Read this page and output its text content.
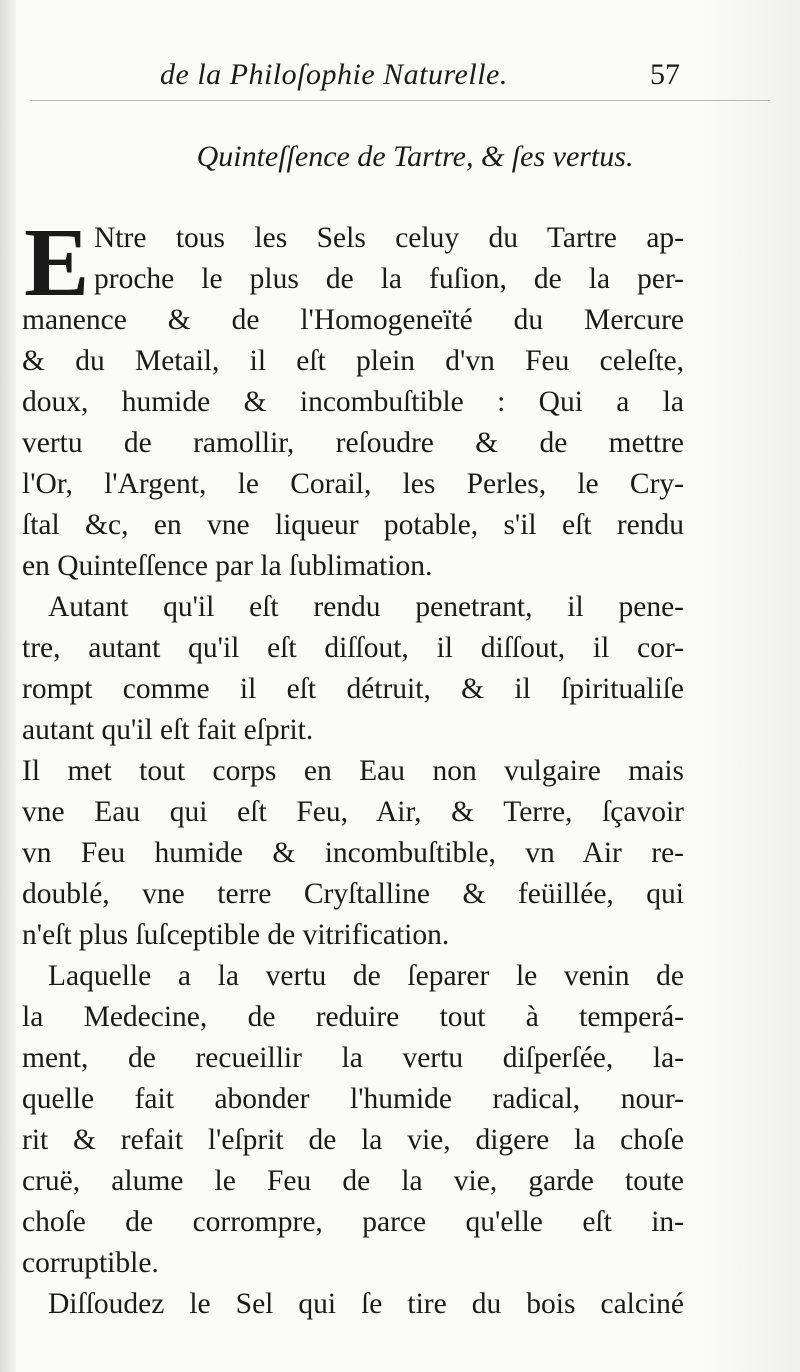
de la Philoſophie Naturelle.	57
Quinteſſence de Tartre, & ſes vertus.
E Ntre tous les Sels celuy du Tartre ap-
proche le plus de la fuſion, de la per-
manence & de l'Homogeneïté du Mercure
& du Metail, il eſt plein d'vn Feu celeſte,
doux, humide & incombuſtible : Qui a la
vertu de ramollir, reſoudre & de mettre
l'Or, l'Argent, le Corail, les Perles, le Cry-
ſtal &c, en vne liqueur potable, s'il eſt rendu
en Quinteſſence par la ſublimation.
Autant qu'il eſt rendu penetrant, il pene-
tre, autant qu'il eſt diſſout, il diſſout, il cor-
rompt comme il eſt détruit, & il ſpiritualiſe
autant qu'il eſt fait eſprit.
Il met tout corps en Eau non vulgaire mais
vne Eau qui eſt Feu, Air, & Terre, ſçavoir
vn Feu humide & incombuſtible, vn Air re-
doublé, vne terre Cryſtalline & feüillée, qui
n'eſt plus ſuſceptible de vitrification.
Laquelle a la vertu de ſeparer le venin de
la Medecine, de reduire tout à temperá-
ment, de recueillir la vertu diſperſée, la-
quelle fait abonder l'humide radical, nour-
rit & refait l'eſprit de la vie, digere la choſe
cruë, alume le Feu de la vie, garde toute
choſe de corrompre, parce qu'elle eſt in-
corruptible.
Diſſoudez le Sel qui ſe tire du bois calciné
